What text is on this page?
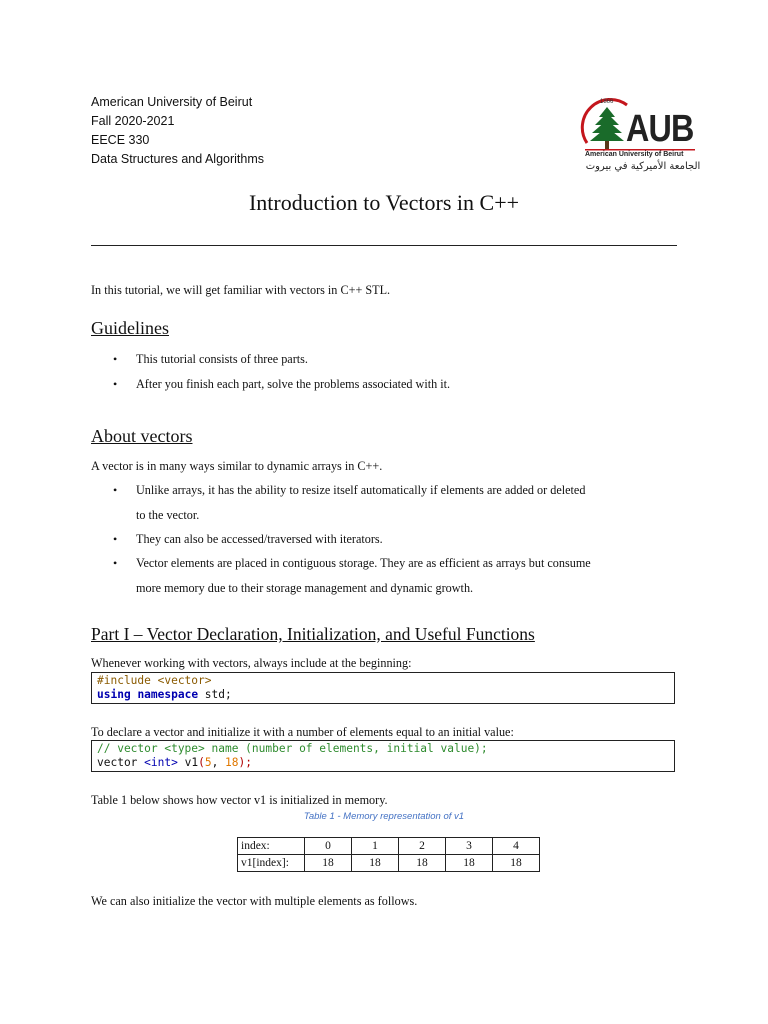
American University of Beirut
Fall 2020-2021
EECE 330
Data Structures and Algorithms
1866
AUB
American University of Beirut
الجامعة الأميركية في بيروت
Introduction to Vectors in C++
In this tutorial, we will get familiar with vectors in C++ STL.
Guidelines
• This tutorial consists of three parts.
• After you finish each part, solve the problems associated with it.
About vectors
A vector is in many ways similar to dynamic arrays in C++.
• Unlike arrays, it has the ability to resize itself automatically if elements are added or deleted
to the vector.
• They can also be accessed/traversed with iterators.
• Vector elements are placed in contiguous storage. They are as efficient as arrays but consume
more memory due to their storage management and dynamic growth.
Part I – Vector Declaration, Initialization, and Useful Functions
Whenever working with vectors, always include at the beginning:
#include <vector>
using namespace std;
To declare a vector and initialize it with a number of elements equal to an initial value:
// vector <type> name (number of elements, initial value);
vector <int> v1(5, 18);
Table 1 below shows how vector v1 is initialized in memory.
Table 1 - Memory representation of v1
index:	0	1	2	3	4
v1[index]:	18	18	18	18	18
We can also initialize the vector with multiple elements as follows.
